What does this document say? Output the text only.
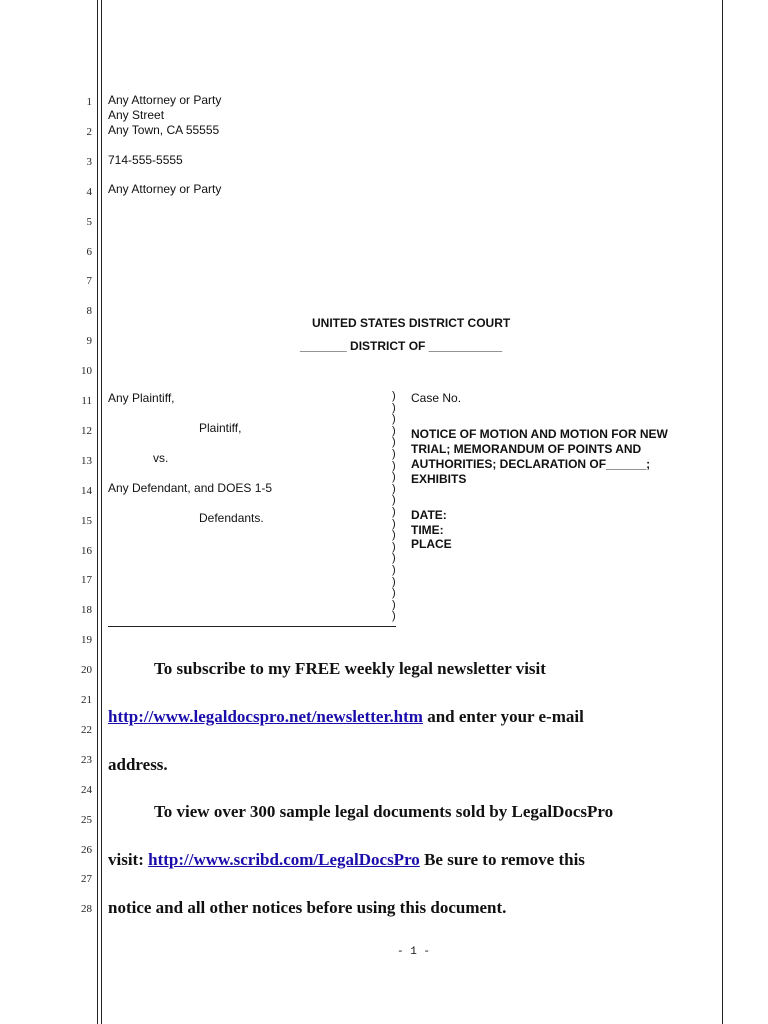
1
2
3
4
5
6
7
8
9
10
11
12
13
14
15
16
17
18
19
20
21
22
23
24
25
26
27
28
Any Attorney or Party
Any Street
Any Town, CA 55555
714-555-5555
Any Attorney or Party
UNITED STATES DISTRICT COURT
_______ DISTRICT OF ___________
Any Plaintiff,
Plaintiff,
vs.
Any Defendant, and DOES 1-5
Defendants.
)
)
)
)
)
)
)
)
)
)
)
)
)
)
)
)
)
)
)
)
Case No.
NOTICE OF MOTION AND MOTION FOR NEW
TRIAL; MEMORANDUM OF POINTS AND
AUTHORITIES; DECLARATION OF______;
EXHIBITS
DATE:
TIME:
PLACE
To subscribe to my FREE weekly legal newsletter visit
http://www.legaldocspro.net/newsletter.htm and enter your e-mail
address.
To view over 300 sample legal documents sold by LegalDocsPro
visit: http://www.scribd.com/LegalDocsPro Be sure to remove this
notice and all other notices before using this document.
- 1 -
